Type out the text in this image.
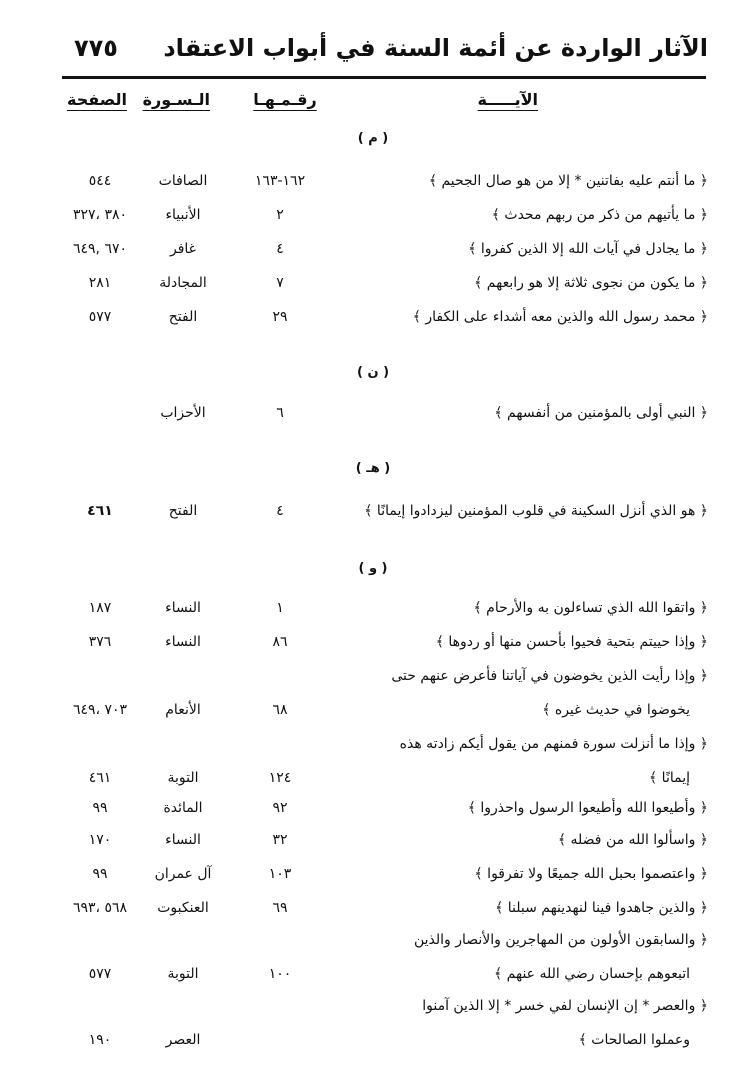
٧٧٥ الآثار الواردة عن أئمة السنة في أبواب الاعتقاد
الآيـــــة
رقـمـهـا
الـسـورة
الصفحة
( م )
﴿ ما أنتم عليه بفاتنين * إلا من هو صال الجحيم ﴾
١٦٢-١٦٣
الصافات
٥٤٤
﴿ ما يأتيهم من ذكر من ربهم محدث ﴾
٢
الأنبياء
٣٨٠ ،٣٢٧
﴿ ما يجادل في آيات الله إلا الذين كفروا ﴾
٤
غافر
٦٧٠ ,٦٤٩
﴿ ما يكون من نجوى ثلاثة إلا هو رابعهم ﴾
٧
المجادلة
٢٨١
﴿ محمد رسول الله والذين معه أشداء على الكفار ﴾
٢٩
الفتح
٥٧٧
( ن )
﴿ النبي أولى بالمؤمنين من أنفسهم ﴾
٦
الأحزاب
( هـ )
﴿ هو الذي أنزل السكينة في قلوب المؤمنين ليزدادوا إيمانًا ﴾
٤
الفتح
٤٦١
( و )
﴿ واتقوا الله الذي تساءلون به والأرحام ﴾
١
النساء
١٨٧
﴿ وإذا حييتم بتحية فحيوا بأحسن منها أو ردوها ﴾
٨٦
النساء
٣٧٦
﴿ وإذا رأيت الذين يخوضون في آياتنا فأعرض عنهم حتى
يخوضوا في حديث غيره ﴾
٦٨
الأنعام
٧٠٣ ،٦٤٩
﴿ وإذا ما أنزلت سورة فمنهم من يقول أيكم زادته هذه
إيمانًا ﴾
١٢٤
التوبة
٤٦١
﴿ وأطيعوا الله وأطيعوا الرسول واحذروا ﴾
٩٢
المائدة
٩٩
﴿ واسألوا الله من فضله ﴾
٣٢
النساء
١٧٠
﴿ واعتصموا بحبل الله جميعًا ولا تفرقوا ﴾
١٠٣
آل عمران
٩٩
﴿ والذين جاهدوا فينا لنهدينهم سبلنا ﴾
٦٩
العنكبوت
٥٦٨ ،٦٩٣
﴿ والسابقون الأولون من المهاجرين والأنصار والذين
اتبعوهم بإحسان رضي الله عنهم ﴾
١٠٠
التوبة
٥٧٧
﴿ والعصر * إن الإنسان لفي خسر * إلا الذين آمنوا
وعملوا الصالحات ﴾
العصر
١٩٠
